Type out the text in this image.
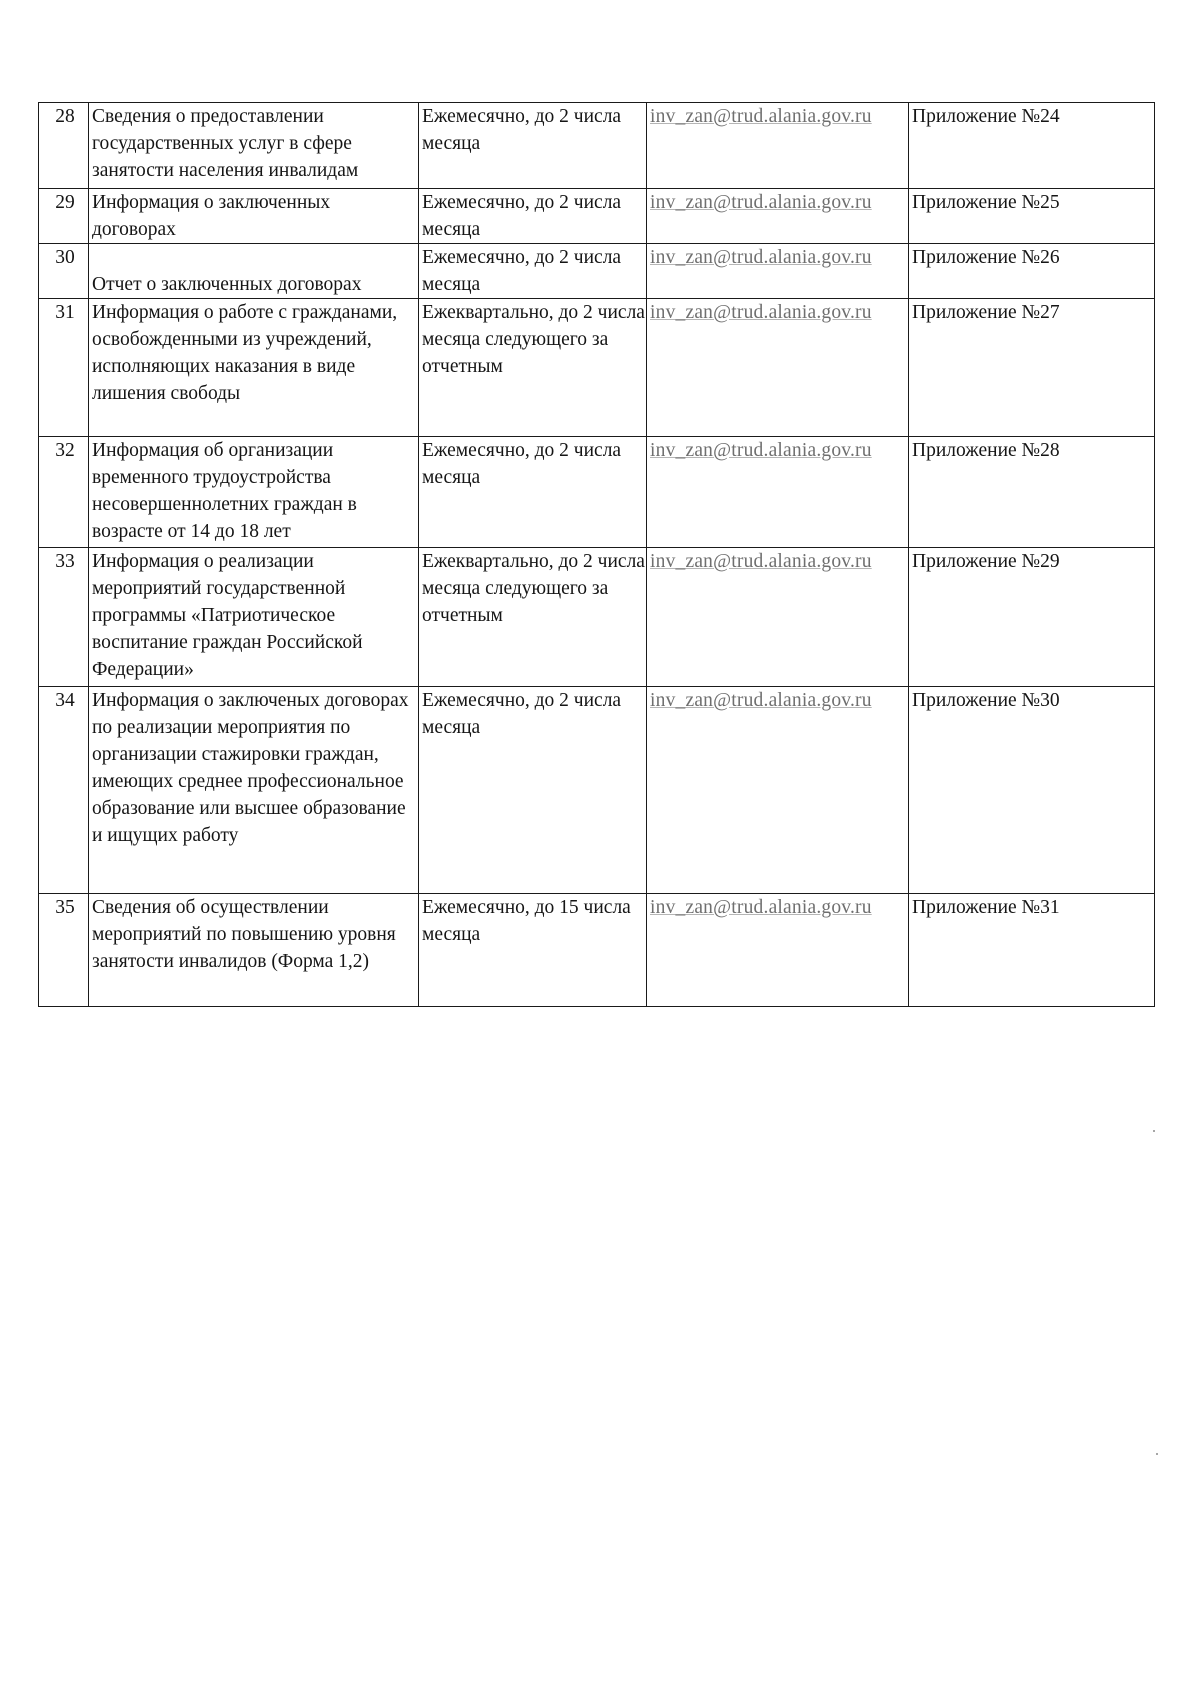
28	Сведения о предоставлении государственных услуг в сфере занятости населения инвалидам	Ежемесячно, до 2 числа месяца	inv_zan@trud.alania.gov.ru	Приложение №24
29	Информация о заключенных договорах	Ежемесячно, до 2 числа месяца	inv_zan@trud.alania.gov.ru	Приложение №25
30	Отчет о заключенных договорах	Ежемесячно, до 2 числа месяца	inv_zan@trud.alania.gov.ru	Приложение №26
31	Информация о работе с гражданами, освобожденными из учреждений, исполняющих наказания в виде лишения свободы	Ежеквартально, до 2 числа месяца следующего за отчетным	inv_zan@trud.alania.gov.ru	Приложение №27
32	Информация об организации временного трудоустройства несовершеннолетних граждан в возрасте от 14 до 18 лет	Ежемесячно, до 2 числа месяца	inv_zan@trud.alania.gov.ru	Приложение №28
33	Информация о реализации мероприятий государственной программы «Патриотическое воспитание граждан Российской Федерации»	Ежеквартально, до 2 числа месяца следующего за отчетным	inv_zan@trud.alania.gov.ru	Приложение №29
34	Информация о заключеных договорах по реализации мероприятия по организации стажировки граждан, имеющих среднее профессиональное образование или высшее образование и ищущих работу	Ежемесячно, до 2 числа месяца	inv_zan@trud.alania.gov.ru	Приложение №30
35	Сведения об осуществлении мероприятий по повышению уровня занятости инвалидов (Форма 1,2)	Ежемесячно, до 15 числа месяца	inv_zan@trud.alania.gov.ru	Приложение №31
